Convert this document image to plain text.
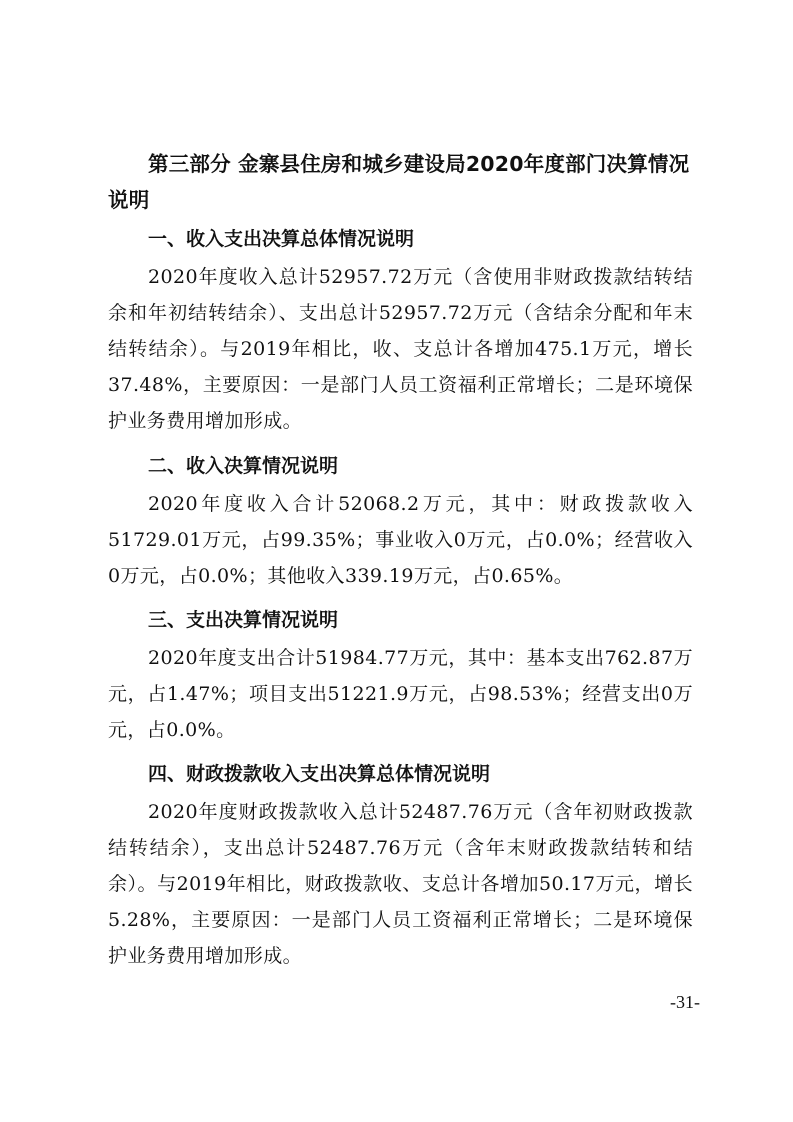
第三部分 金寨县住房和城乡建设局2020年度部门决算情况说明
一、收入支出决算总体情况说明
2020年度收入总计52957.72万元（含使用非财政拨款结转结余和年初结转结余）、支出总计52957.72万元（含结余分配和年末结转结余）。与2019年相比，收、支总计各增加475.1万元，增长37.48%，主要原因：一是部门人员工资福利正常增长；二是环境保护业务费用增加形成。
二、收入决算情况说明
2020年度收入合计52068.2万元，其中：财政拨款收入51729.01万元，占99.35%；事业收入0万元，占0.0%；经营收入0万元，占0.0%；其他收入339.19万元，占0.65%。
三、支出决算情况说明
2020年度支出合计51984.77万元，其中：基本支出762.87万元，占1.47%；项目支出51221.9万元，占98.53%；经营支出0万元，占0.0%。
四、财政拨款收入支出决算总体情况说明
2020年度财政拨款收入总计52487.76万元（含年初财政拨款结转结余），支出总计52487.76万元（含年末财政拨款结转和结余）。与2019年相比，财政拨款收、支总计各增加50.17万元，增长5.28%，主要原因：一是部门人员工资福利正常增长；二是环境保护业务费用增加形成。
-31-
